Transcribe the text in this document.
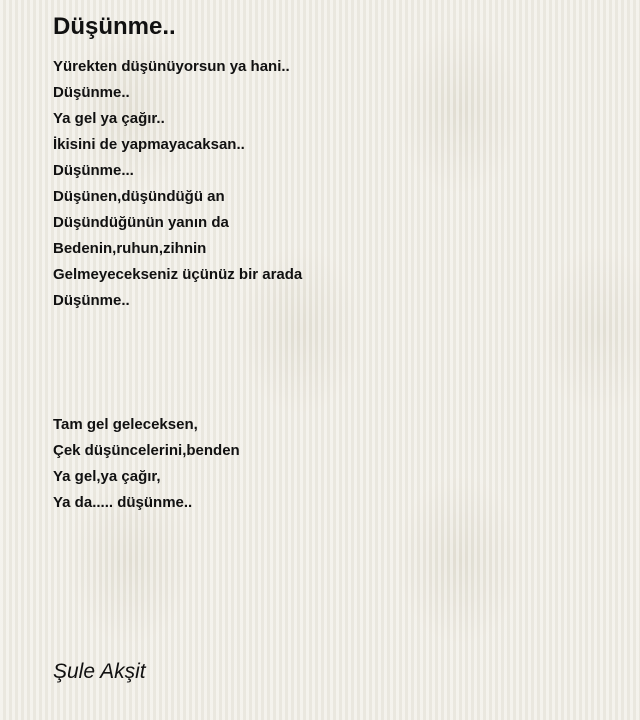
Düşünme..
Yürekten düşünüyorsun ya hani..
Düşünme..
Ya gel ya çağır..
İkisini de yapmayacaksan..
Düşünme...
Düşünen,düşündüğü an
Düşündüğünün yanın da
Bedenin,ruhun,zihnin
Gelmeyecekseniz üçünüz bir arada
Düşünme..
Tam gel geleceksen,
Çek düşüncelerini,benden
Ya gel,ya çağır,
Ya da..... düşünme..
Şule Akşit
